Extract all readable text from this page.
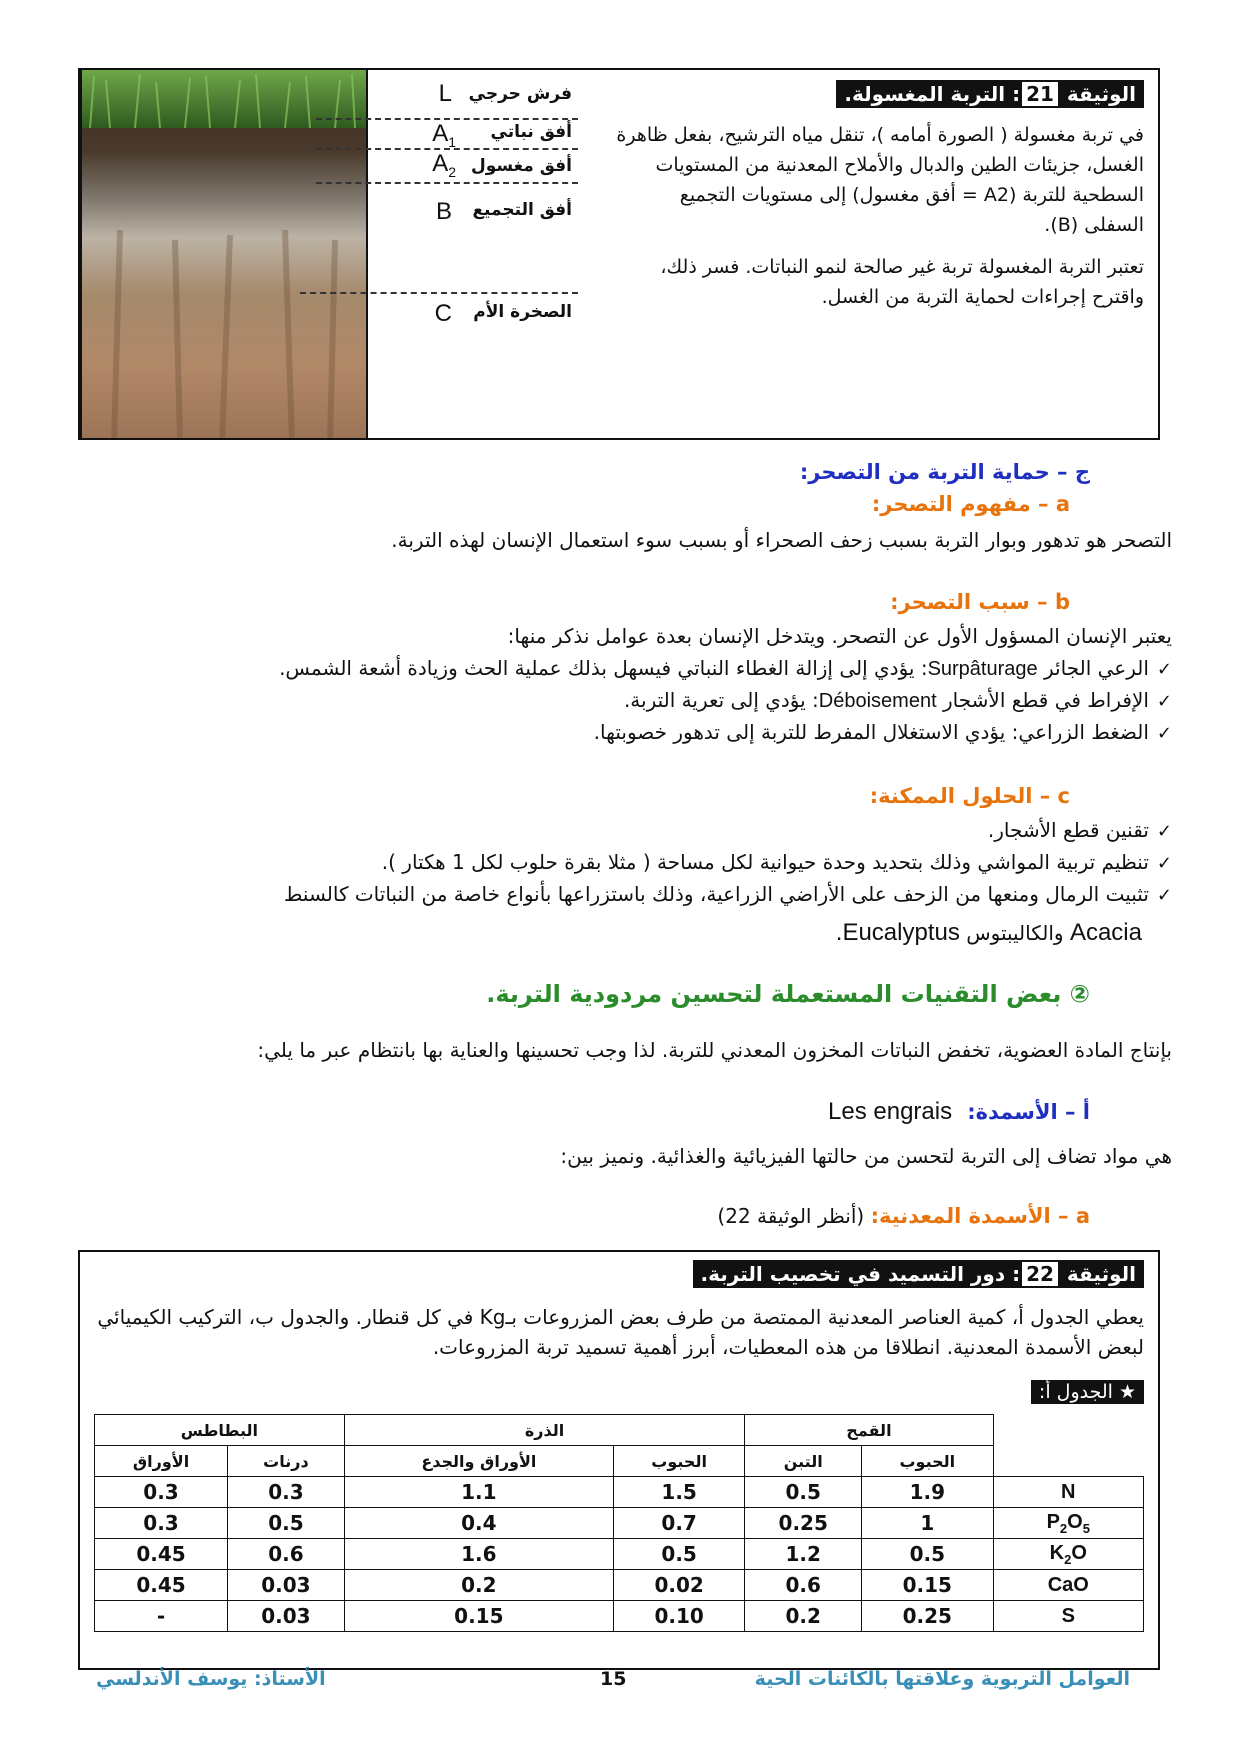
L فرش حرجي
$A_1$ أفق نباتي
$A_2$ أفق مغسول
B أفق التجميع
C الصخرة الأم
الوثيقة 21: التربة المغسولة.

في تربة مغسولة ( الصورة أمامه )، تنقل مياه الترشيح، بفعل ظاهرة الغسل، جزيئات الطين والدبال والأملاح المعدنية من المستويات السطحية للتربة (A2 = أفق مغسول) إلى مستويات التجميع السفلى (B).

تعتبر التربة المغسولة تربة غير صالحة لنمو النباتات. فسر ذلك، واقترح إجراءات لحماية التربة من الغسل.

ج – حماية التربة من التصحر:
a – مفهوم التصحر:
التصحر هو تدهور وبوار التربة بسبب زحف الصحراء أو بسبب سوء استعمال الإنسان لهذه التربة.
b – سبب التصحر:
يعتبر الإنسان المسؤول الأول عن التصحر. ويتدخل الإنسان بعدة عوامل نذكر منها:
✓الرعي الجائر Surpâturage: يؤدي إلى إزالة الغطاء النباتي فيسهل بذلك عملية الحث وزيادة أشعة الشمس.
✓الإفراط في قطع الأشجار Déboisement: يؤدي إلى تعرية التربة.
✓الضغط الزراعي: يؤدي الاستغلال المفرط للتربة إلى تدهور خصوبتها.
c – الحلول الممكنة:
✓تقنين قطع الأشجار.
✓تنظيم تربية المواشي وذلك بتحديد وحدة حيوانية لكل مساحة ( مثلا بقرة حلوب لكل 1 هكتار ).
✓تثبيت الرمال ومنعها من الزحف على الأراضي الزراعية، وذلك باستزراعها بأنواع خاصة من النباتات كالسنط
Acacia والكاليبتوس Eucalyptus.
② بعض التقنيات المستعملة لتحسين مردودية التربة.
بإنتاج المادة العضوية، تخفض النباتات المخزون المعدني للتربة. لذا وجب تحسينها والعناية بها بانتظام عبر ما يلي:
أ – الأسمدة: Les engrais
هي مواد تضاف إلى التربة لتحسن من حالتها الفيزيائية والغذائية. ونميز بين:
a – الأسمدة المعدنية: (أنظر الوثيقة 22)
الوثيقة 22: دور التسميد في تخصيب التربة.
يعطي الجدول أ، كمية العناصر المعدنية الممتصة من طرف بعض المزروعات بـKg في كل قنطار. والجدول ب، التركيب الكيميائي لبعض الأسمدة المعدنية. انطلاقا من هذه المعطيات، أبرز أهمية تسميد تربة المزروعات.
★ الجدول أ:
	القمح		الذرة		البطاطس	
	الحبوب	التبن	الحبوب	الأوراق والجدع	درنات	الأوراق
N	1.9	0.5	1.5	1.1	0.3	0.3
$P_2O_5$	1	0.25	0.7	0.4	0.5	0.3
$K_2O$	0.5	1.2	0.5	1.6	0.6	0.45
CaO	0.15	0.6	0.02	0.2	0.03	0.45
S	0.25	0.2	0.10	0.15	0.03	-
العوامل التربوية وعلاقتها بالكائنات الحية
15
الأستاذ: يوسف الأندلسي
